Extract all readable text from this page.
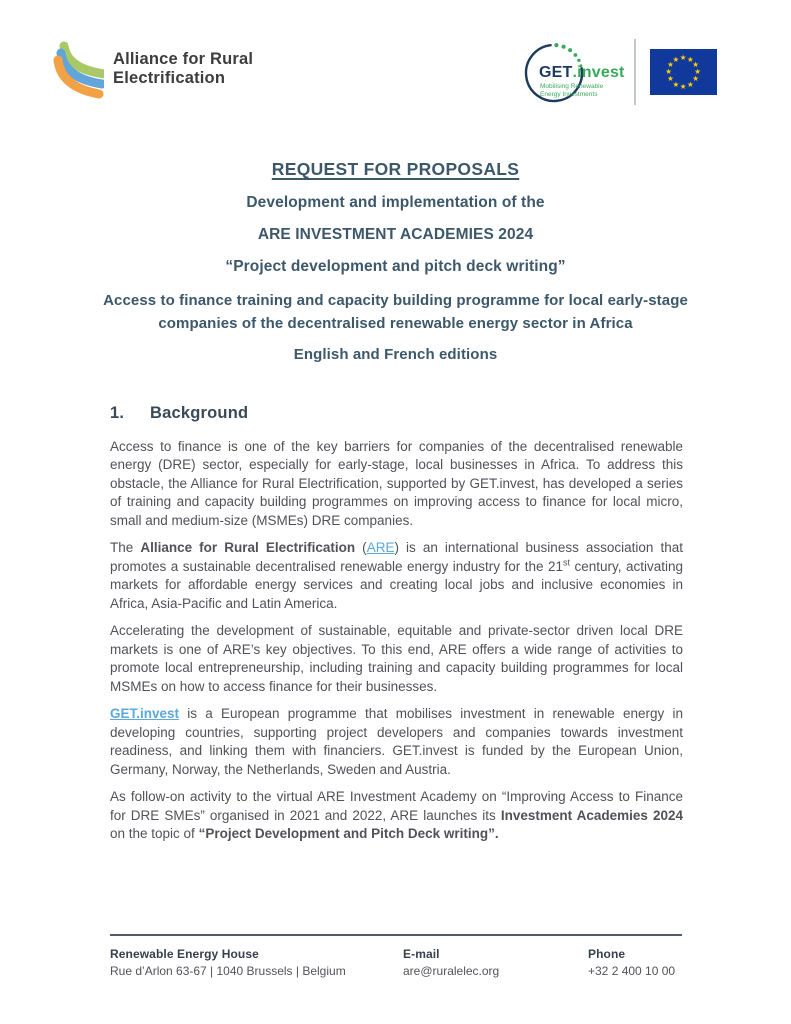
Alliance for Rural
Electrification	GET.invest
Mobilising Renewable
Energy Investments
★ ★
★
★
★
★
★
★
★
★
★
★
REQUEST FOR PROPOSALS

Development and implementation of the

ARE INVESTMENT ACADEMIES 2024

“Project development and pitch deck writing”

Access to finance training and capacity building programme for local early-stage companies of the decentralised renewable energy sector in Africa

English and French editions

1.	Background

Access to finance is one of the key barriers for companies of the decentralised renewable energy (DRE) sector, especially for early-stage, local businesses in Africa. To address this obstacle, the Alliance for Rural Electrification, supported by GET.invest, has developed a series of training and capacity building programmes on improving access to finance for local micro, small and medium-size (MSMEs) DRE companies.

The Alliance for Rural Electrification (ARE) is an international business association that promotes a sustainable decentralised renewable energy industry for the 21st century, activating markets for affordable energy services and creating local jobs and inclusive economies in Africa, Asia-Pacific and Latin America.

Accelerating the development of sustainable, equitable and private-sector driven local DRE markets is one of ARE’s key objectives. To this end, ARE offers a wide range of activities to promote local entrepreneurship, including training and capacity building programmes for local MSMEs on how to access finance for their businesses.

GET.invest is a European programme that mobilises investment in renewable energy in developing countries, supporting project developers and companies towards investment readiness, and linking them with financiers. GET.invest is funded by the European Union, Germany, Norway, the Netherlands, Sweden and Austria.

As follow-on activity to the virtual ARE Investment Academy on “Improving Access to Finance for DRE SMEs” organised in 2021 and 2022, ARE launches its Investment Academies 2024 on the topic of “Project Development and Pitch Deck writing”.

Renewable Energy House
Rue d’Arlon 63-67 | 1040 Brussels | Belgium
E-mail
are@ruralelec.org
Phone
+32 2 400 10 00
